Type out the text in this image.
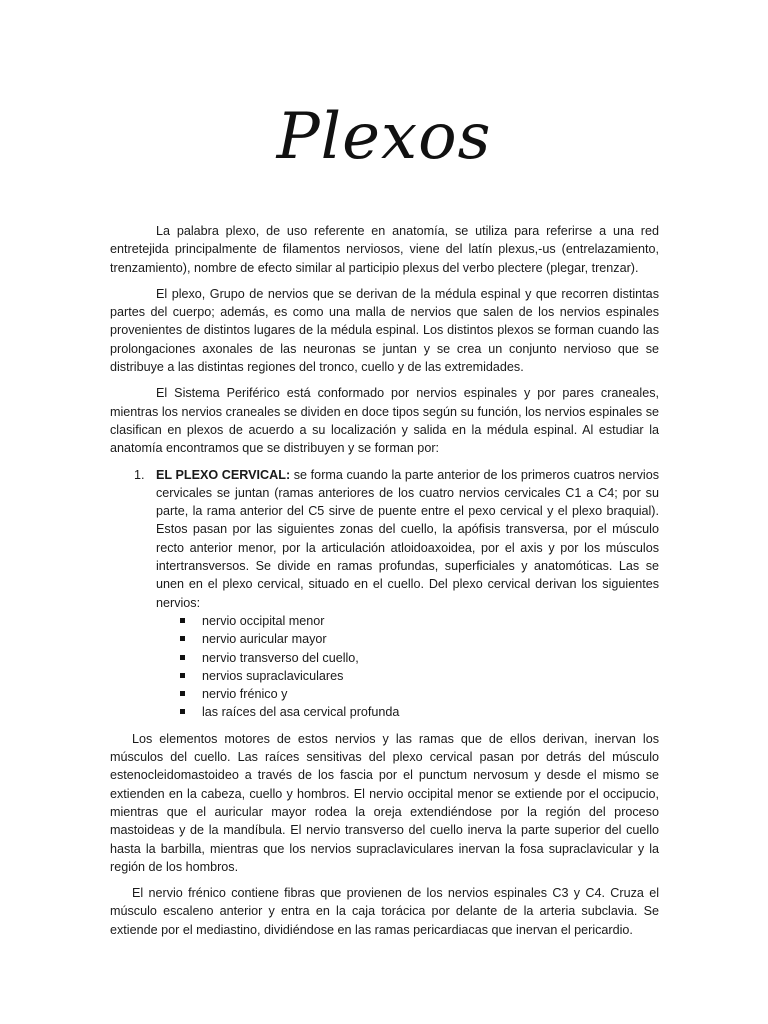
Plexos

La palabra plexo, de uso referente en anatomía, se utiliza para referirse a una red entretejida principalmente de filamentos nerviosos, viene del latín plexus,-us (entrelazamiento, trenzamiento), nombre de efecto similar al participio plexus del verbo plectere (plegar, trenzar).

El plexo, Grupo de nervios que se derivan de la médula espinal y que recorren distintas partes del cuerpo; además, es como una malla de nervios que salen de los nervios espinales provenientes de distintos lugares de la médula espinal. Los distintos plexos se forman cuando las prolongaciones axonales de las neuronas se juntan y se crea un conjunto nervioso que se distribuye a las distintas regiones del tronco, cuello y de las extremidades.

El Sistema Periférico está conformado por nervios espinales y por pares craneales, mientras los nervios craneales se dividen en doce tipos según su función, los nervios espinales se clasifican en plexos de acuerdo a su localización y salida en la médula espinal. Al estudiar la anatomía encontramos que se distribuyen y se forman por:

1. EL PLEXO CERVICAL: se forma cuando la parte anterior de los primeros cuatros nervios cervicales se juntan (ramas anteriores de los cuatro nervios cervicales C1 a C4; por su parte, la rama anterior del C5 sirve de puente entre el pexo cervical y el plexo braquial). Estos pasan por las siguientes zonas del cuello, la apófisis transversa, por el músculo recto anterior menor, por la articulación atloidoaxoidea, por el axis y por los músculos intertransversos. Se divide en ramas profundas, superficiales y anatomóticas. Las se unen en el plexo cervical, situado en el cuello. Del plexo cervical derivan los siguientes nervios:
nervio occipital menor
nervio auricular mayor
nervio transverso del cuello,
nervios supraclaviculares
nervio frénico y
las raíces del asa cervical profunda

Los elementos motores de estos nervios y las ramas que de ellos derivan, inervan los músculos del cuello. Las raíces sensitivas del plexo cervical pasan por detrás del músculo estenocleidomastoideo a través de los fascia por el punctum nervosum y desde el mismo se extienden en la cabeza, cuello y hombros. El nervio occipital menor se extiende por el occipucio, mientras que el auricular mayor rodea la oreja extendiéndose por la región del proceso mastoideas y de la mandíbula. El nervio transverso del cuello inerva la parte superior del cuello hasta la barbilla, mientras que los nervios supraclaviculares inervan la fosa supraclavicular y la región de los hombros.

El nervio frénico contiene fibras que provienen de los nervios espinales C3 y C4. Cruza el músculo escaleno anterior y entra en la caja torácica por delante de la arteria subclavia. Se extiende por el mediastino, dividiéndose en las ramas pericardiacas que inervan el pericardio.
